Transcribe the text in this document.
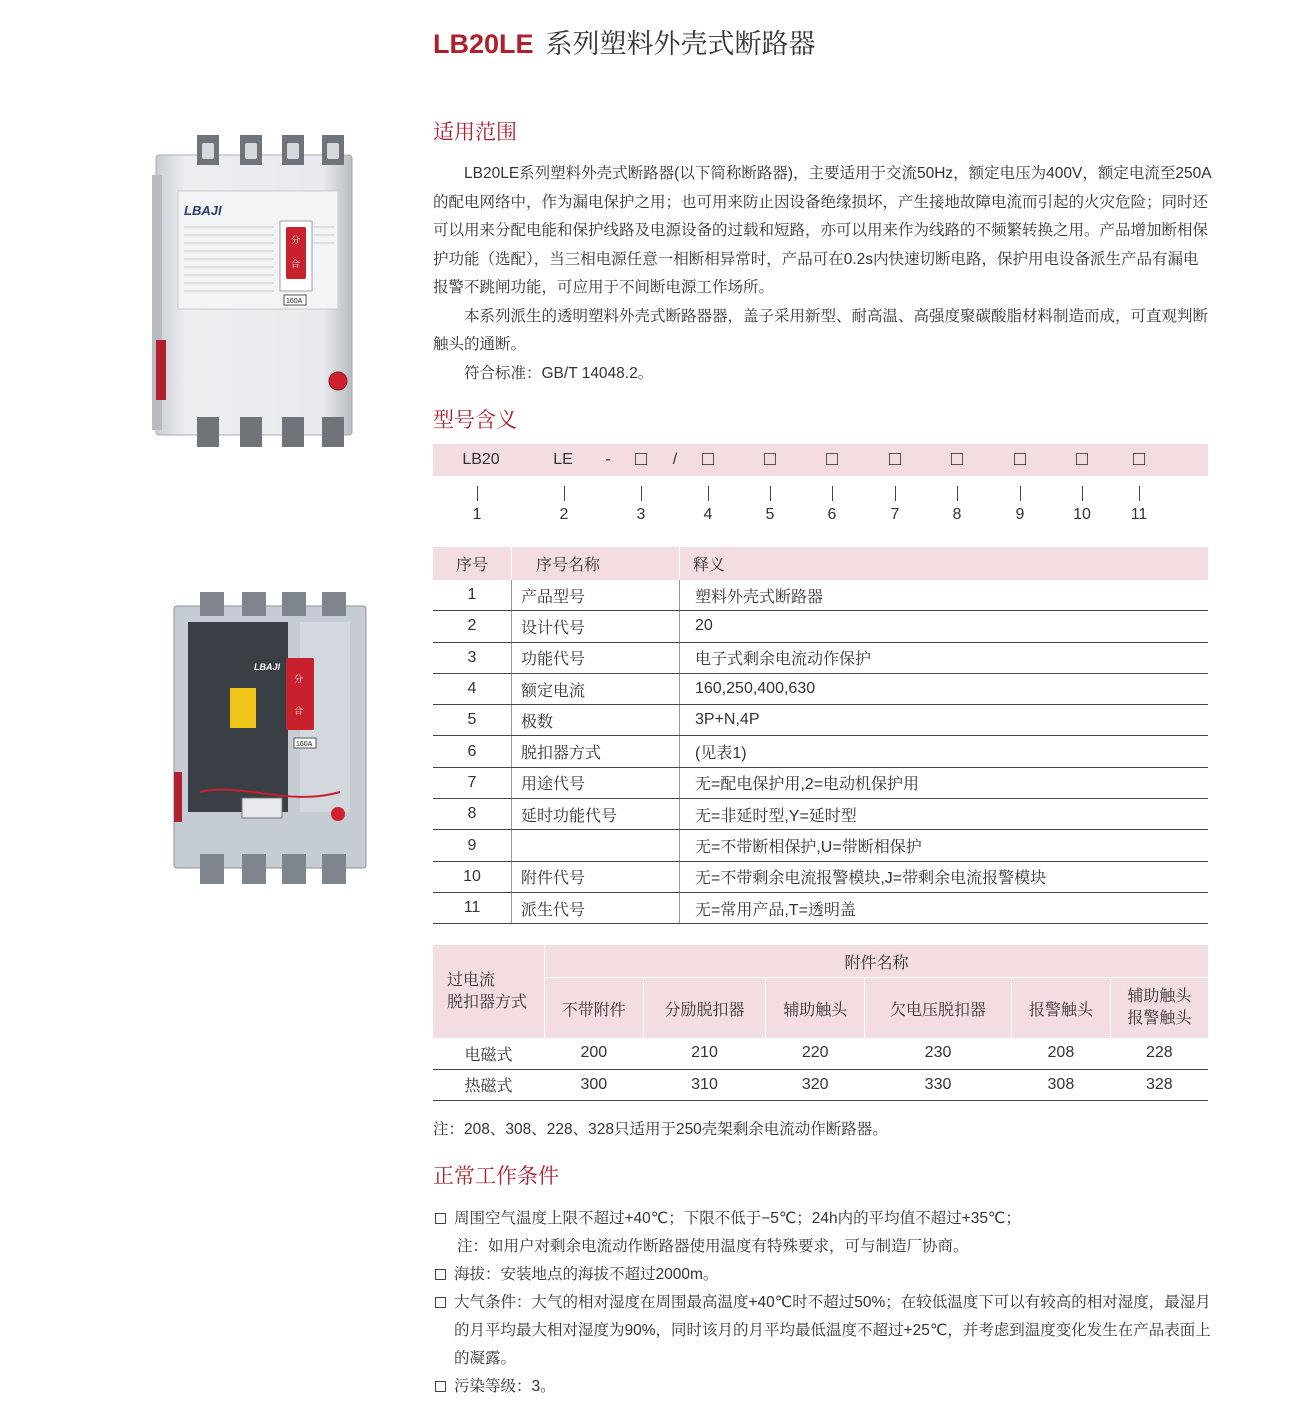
LB20LE 系列塑料外壳式断路器
LBAJI
分
合
160A
LBAJI
分
合
160A
适用范围

LB20LE系列塑料外壳式断路器(以下简称断路器)，主要适用于交流50Hz，额定电压为400V，额定电流至250A的配电网络中，作为漏电保护之用；也可用来防止因设备绝缘损坏，产生接地故障电流而引起的火灾危险；同时还可以用来分配电能和保护线路及电源设备的过载和短路，亦可以用来作为线路的不频繁转换之用。产品增加断相保护功能（选配），当三相电源任意一相断相异常时，产品可在0.2s内快速切断电路，保护用电设备派生产品有漏电报警不跳闸功能，可应用于不间断电源工作场所。

本系列派生的透明塑料外壳式断路器器，盖子采用新型、耐高温、高强度聚碳酸脂材料制造而成，可直观判断触头的通断。

符合标准：GB/T 14048.2。

型号含义
LB20	LE -	/
1	2	3	4	5	6	7	8	9	10 11
序号	序号名称	释义
1	产品型号	塑料外壳式断路器
2	设计代号	20
3	功能代号	电子式剩余电流动作保护
4	额定电流	160,250,400,630
5	极数	3P+N,4P
6	脱扣器方式	(见表1)
7	用途代号	无=配电保护用,2=电动机保护用
8	延时功能代号	无=非延时型,Y=延时型
9		无=不带断相保护,U=带断相保护
10	附件代号	无=不带剩余电流报警模块,J=带剩余电流报警模块
11	派生代号	无=常用产品,T=透明盖
过电流
脱扣器方式	附件名称					
	不带附件	分励脱扣器	辅助触头	欠电压脱扣器	报警触头	辅助触头
报警触头

电磁式	200	210	220	230	208	228
热磁式	300	310	320	330	308	328
注：208、308、228、328只适用于250壳架剩余电流动作断路器。
正常工作条件
周围空气温度上限不超过+40℃；下限不低于−5℃；24h内的平均值不超过+35℃；
注：如用户对剩余电流动作断路器使用温度有特殊要求，可与制造厂协商。
海拔：安装地点的海拔不超过2000m。
大气条件：大气的相对湿度在周围最高温度+40℃时不超过50%；在较低温度下可以有较高的相对湿度，最湿月的月平均最大相对湿度为90%，同时该月的月平均最低温度不超过+25℃，并考虑到温度变化发生在产品表面上的凝露。
污染等级：3。
